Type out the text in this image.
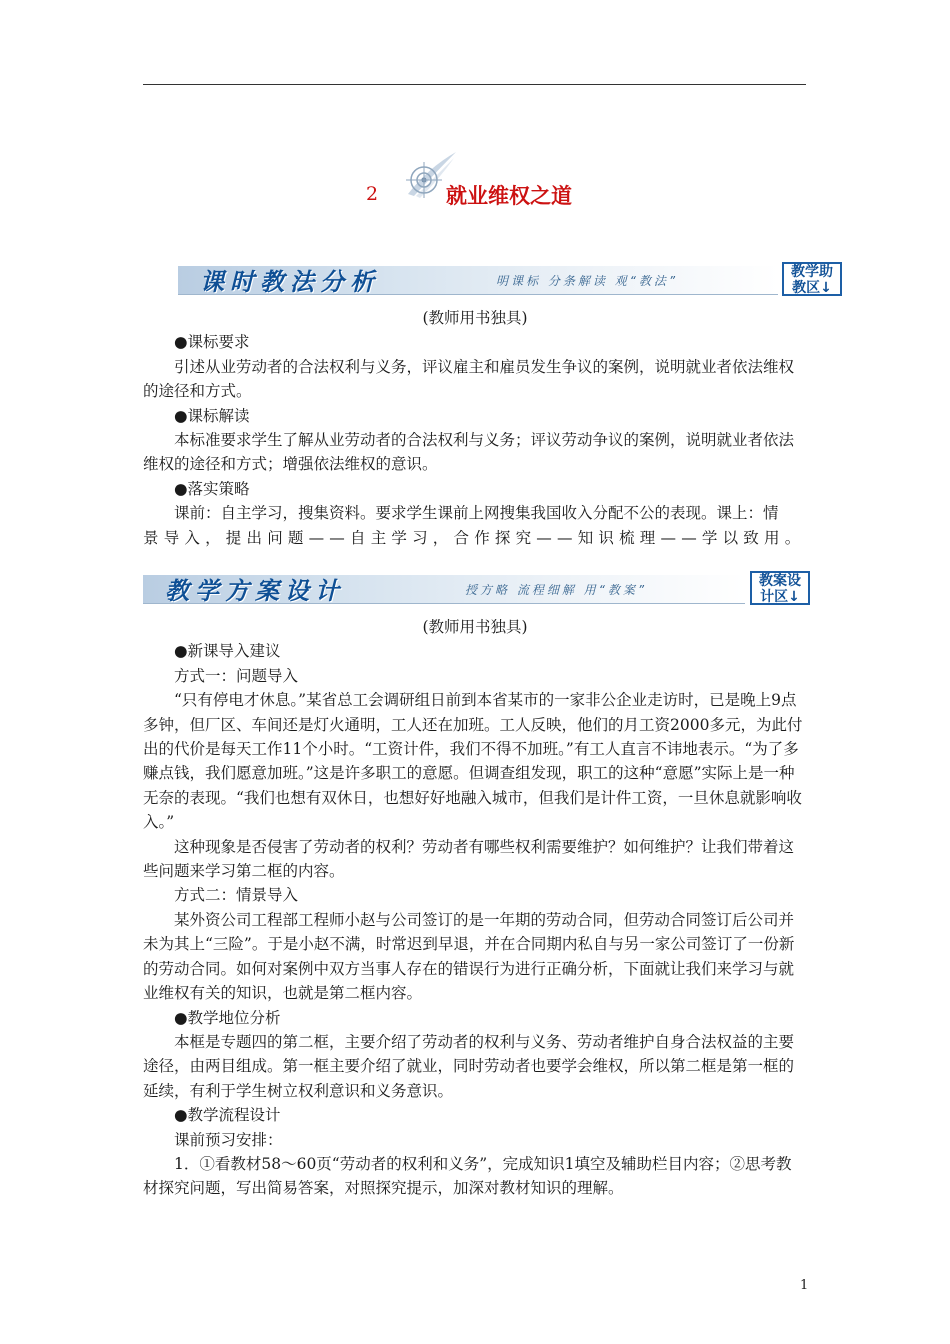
2	就业维权之道
课时教法分析	明课标 分条解读 观“教法”
教学助
教区↓

(教师用书独具)

●课标要求

引述从业劳动者的合法权利与义务，评议雇主和雇员发生争议的案例，说明就业者依法维权的途径和方式。

●课标解读

本标准要求学生了解从业劳动者的合法权利与义务；评议劳动争议的案例，说明就业者依法维权的途径和方式；增强依法维权的意识。

●落实策略

课前：自主学习，搜集资料。要求学生课前上网搜集我国收入分配不公的表现。课上：情

景导入，提出问题——自主学习，合作探究——知识梳理——学以致用。

教学方案设计	授方略 流程细解 用“教案”
教案设
计区↓

(教师用书独具)

●新课导入建议

方式一：问题导入

“只有停电才休息。”某省总工会调研组日前到本省某市的一家非公企业走访时，已是晚上9点多钟，但厂区、车间还是灯火通明，工人还在加班。工人反映，他们的月工资2000多元，为此付出的代价是每天工作11个小时。“工资计件，我们不得不加班。”有工人直言不讳地表示。“为了多赚点钱，我们愿意加班。”这是许多职工的意愿。但调查组发现，职工的这种“意愿”实际上是一种无奈的表现。“我们也想有双休日，也想好好地融入城市，但我们是计件工资，一旦休息就影响收入。”

这种现象是否侵害了劳动者的权利？劳动者有哪些权利需要维护？如何维护？让我们带着这些问题来学习第二框的内容。

方式二：情景导入

某外资公司工程部工程师小赵与公司签订的是一年期的劳动合同，但劳动合同签订后公司并未为其上“三险”。于是小赵不满，时常迟到早退，并在合同期内私自与另一家公司签订了一份新的劳动合同。如何对案例中双方当事人存在的错误行为进行正确分析，下面就让我们来学习与就业维权有关的知识，也就是第二框内容。

●教学地位分析

本框是专题四的第二框，主要介绍了劳动者的权利与义务、劳动者维护自身合法权益的主要途径，由两目组成。第一框主要介绍了就业，同时劳动者也要学会维权，所以第二框是第一框的延续，有利于学生树立权利意识和义务意识。

●教学流程设计

课前预习安排：

1．①看教材58～60页“劳动者的权利和义务”，完成知识1填空及辅助栏目内容；②思考教材探究问题，写出简易答案，对照探究提示，加深对教材知识的理解。

1
